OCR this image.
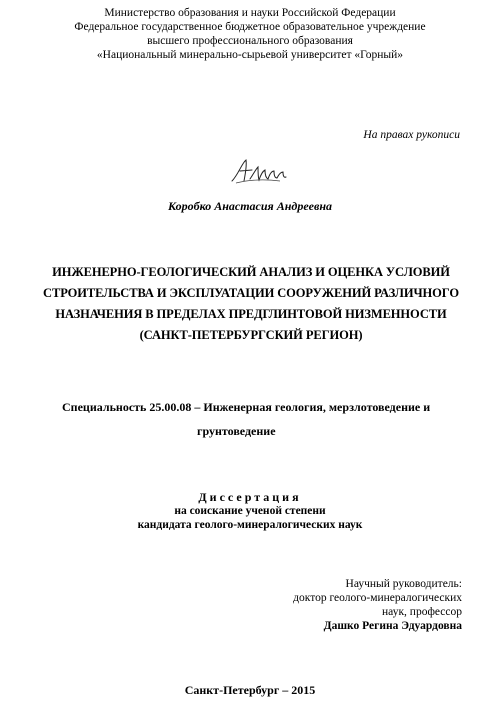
Министерство образования и науки Российской Федерации
Федеральное государственное бюджетное образовательное учреждение
высшего профессионального образования
«Национальный минерально-сырьевой университет «Горный»
На правах рукописи
Коробко Анастасия Андреевна
ИНЖЕНЕРНО-ГЕОЛОГИЧЕСКИЙ АНАЛИЗ И ОЦЕНКА УСЛОВИЙ
СТРОИТЕЛЬСТВА И ЭКСПЛУАТАЦИИ СООРУЖЕНИЙ РАЗЛИЧНОГО
НАЗНАЧЕНИЯ В ПРЕДЕЛАХ ПРЕДГЛИНТОВОЙ НИЗМЕННОСТИ
(САНКТ-ПЕТЕРБУРГСКИЙ РЕГИОН)
Специальность 25.00.08 – Инженерная геология, мерзлотоведение и
грунтоведение
Диссертация
на соискание ученой степени
кандидата геолого-минералогических наук
Научный руководитель:
доктор геолого-минералогических
наук, профессор
Дашко Регина Эдуардовна
Санкт-Петербург – 2015
